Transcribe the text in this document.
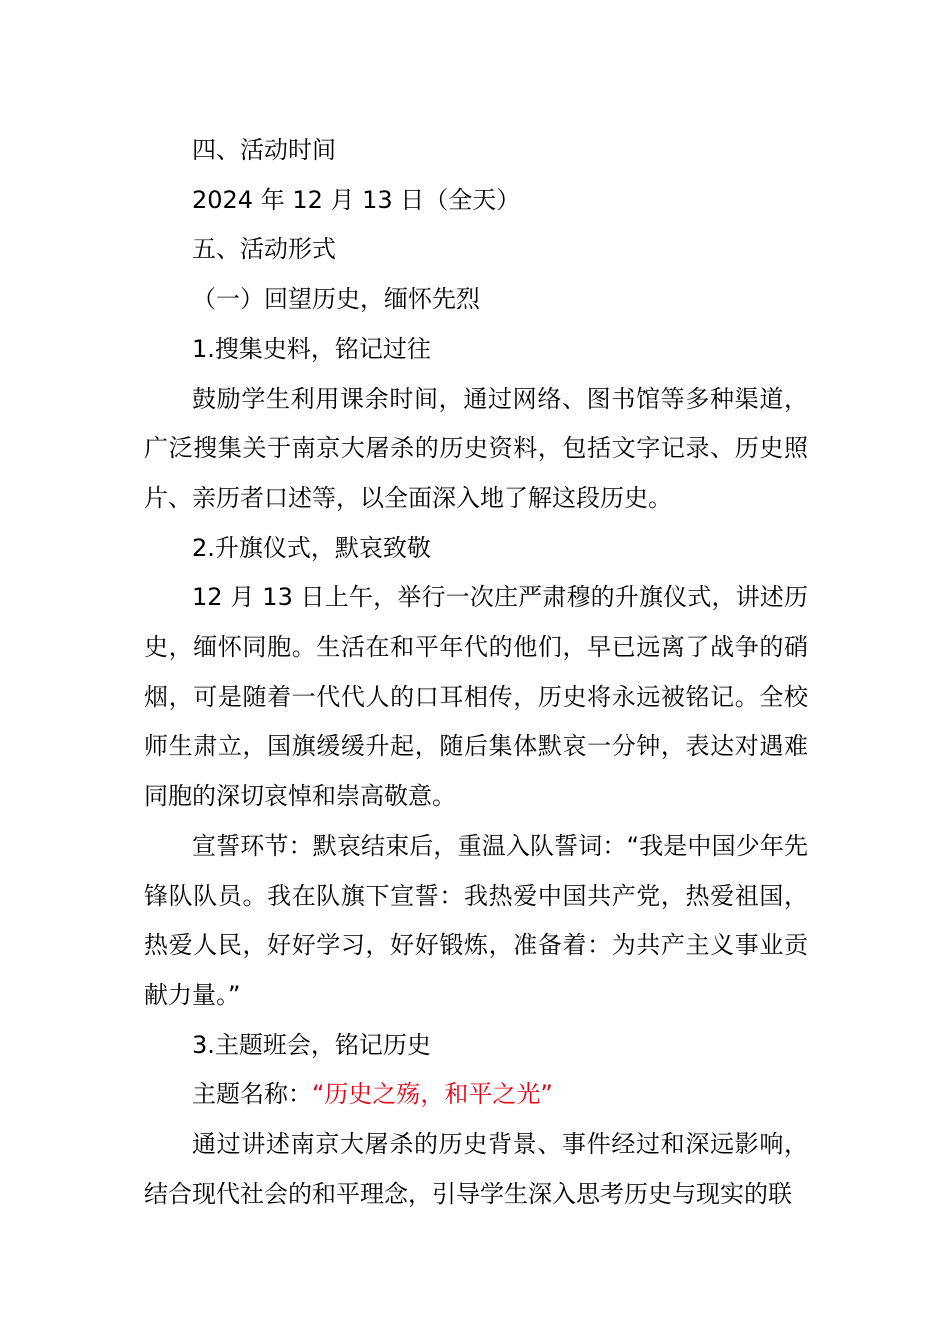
四、活动时间

2024 年 12 月 13 日（全天）

五、活动形式

（一）回望历史，缅怀先烈

1.搜集史料，铭记过往

鼓励学生利用课余时间，通过网络、图书馆等多种渠道，广泛搜集关于南京大屠杀的历史资料，包括文字记录、历史照片、亲历者口述等，以全面深入地了解这段历史。

2.升旗仪式，默哀致敬

12 月 13 日上午，举行一次庄严肃穆的升旗仪式，讲述历史，缅怀同胞。生活在和平年代的他们，早已远离了战争的硝烟，可是随着一代代人的口耳相传，历史将永远被铭记。全校师生肃立，国旗缓缓升起，随后集体默哀一分钟，表达对遇难同胞的深切哀悼和崇高敬意。

宣誓环节：默哀结束后，重温入队誓词：“我是中国少年先锋队队员。我在队旗下宣誓：我热爱中国共产党，热爱祖国，热爱人民，好好学习，好好锻炼，准备着：为共产主义事业贡献力量。”

3.主题班会，铭记历史

主题名称：“历史之殇，和平之光”

通过讲述南京大屠杀的历史背景、事件经过和深远影响，结合现代社会的和平理念，引导学生深入思考历史与现实的联
